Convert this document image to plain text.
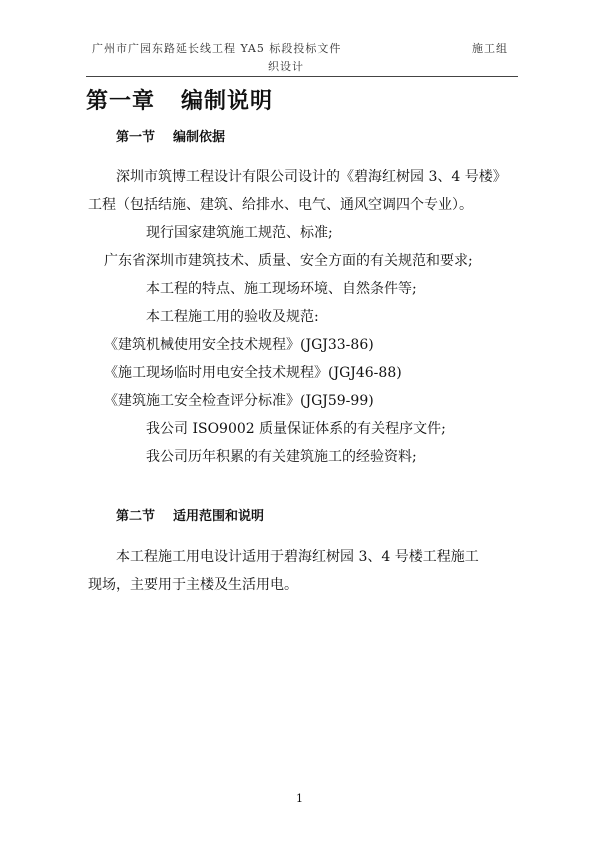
广州市广园东路延长线工程 YA5 标段投标文件
织设计
施工组
第一章 编制说明
第一节 编制依据
深圳市筑博工程设计有限公司设计的《碧海红树园 3、4 号楼》
工程（包括结施、建筑、给排水、电气、通风空调四个专业）。
现行国家建筑施工规范、标准;
广东省深圳市建筑技术、质量、安全方面的有关规范和要求;
本工程的特点、施工现场环境、自然条件等;
本工程施工用的验收及规范:
《建筑机械使用安全技术规程》(JGJ33-86)
《施工现场临时用电安全技术规程》(JGJ46-88)
《建筑施工安全检查评分标准》(JGJ59-99)
我公司 ISO9002 质量保证体系的有关程序文件;
我公司历年积累的有关建筑施工的经验资料;
第二节 适用范围和说明
本工程施工用电设计适用于碧海红树园 3、4 号楼工程施工
现场，主要用于主楼及生活用电。
1
